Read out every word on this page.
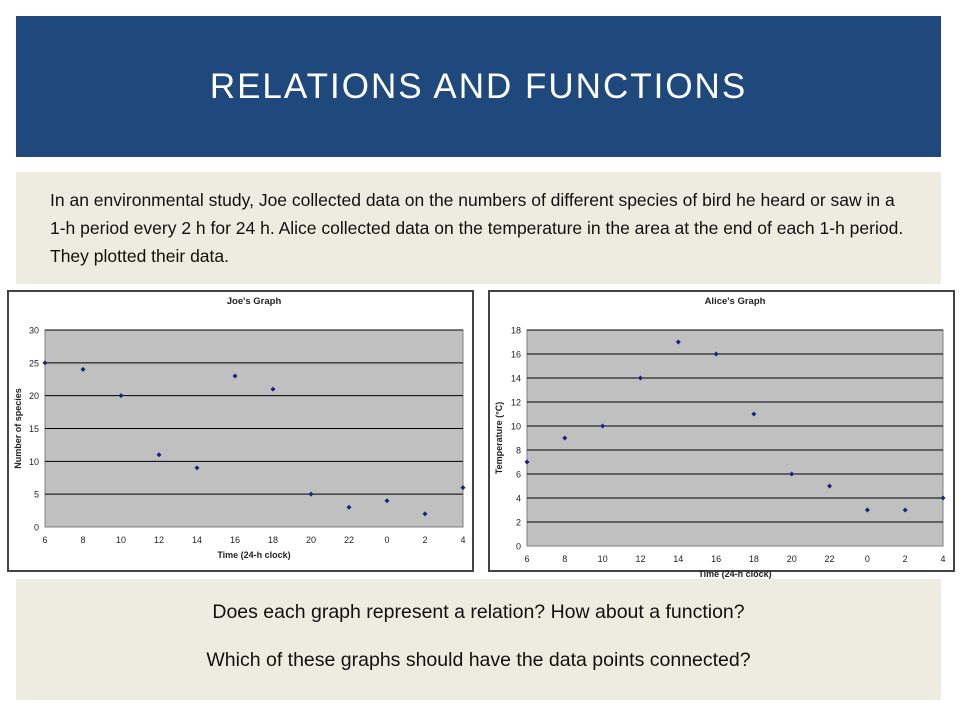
RELATIONS AND FUNCTIONS
In an environmental study, Joe collected data on the numbers of different species of bird he heard or saw in a 1-h period every 2 h for 24 h. Alice collected data on the temperature in the area at the end of each 1-h period. They plotted their data.
0
5
10
15
20
25
30
6	8	10	12	14	16	18	20	22	0	2	4
Joe's Graph
Time (24-h clock)
Number of species
0
2
4
6
8
10
12
14
16
18
6	8	10	12	14	16	18	20	22	0	2	4
Alice's Graph
Time (24-h clock)
Temperature (°C)
Does each graph represent a relation? How about a function?
Which of these graphs should have the data points connected?
